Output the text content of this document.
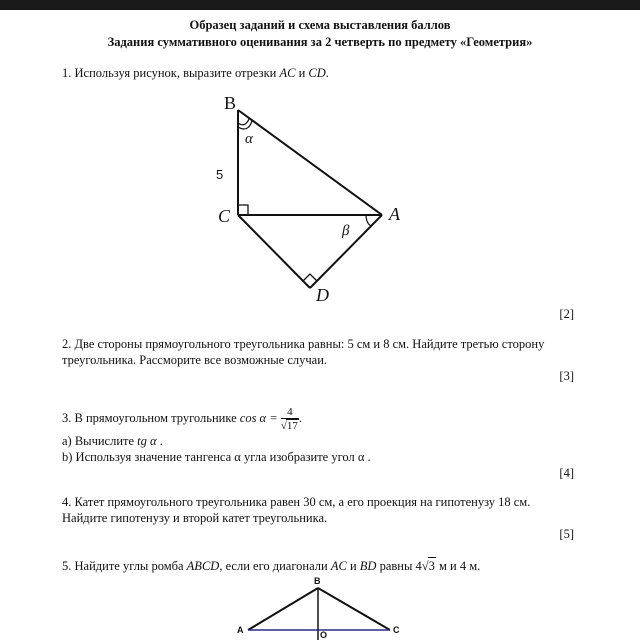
Образец заданий и схема выставления баллов
Задания суммативного оценивания за 2 четверть по предмету «Геометрия»
1. Используя рисунок, выразите отрезки AC и CD.
B
α
5
C	A
β
D
[2]
2. Две стороны прямоугольного треугольника равны: 5 см и 8 см. Найдите третью сторону
треугольника. Рассморите все возможные случаи.
[3]
3. В прямоугольном тругольнике $\cos \alpha = \frac{4}{√17}$ .
a) Вычислите tg α .
b) Используя значение тангенса α угла изобразите угол α .
[4]
4. Катет прямоугольного треугольника равен 30 см, а его проекция на гипотенузу 18 см.
Найдите гипотенузу и второй катет треугольника.
[5]
5. Найдите углы ромба ABCD, если его диагонали AC и BD равны 4√3 м и 4 м.
B
A	C
O
